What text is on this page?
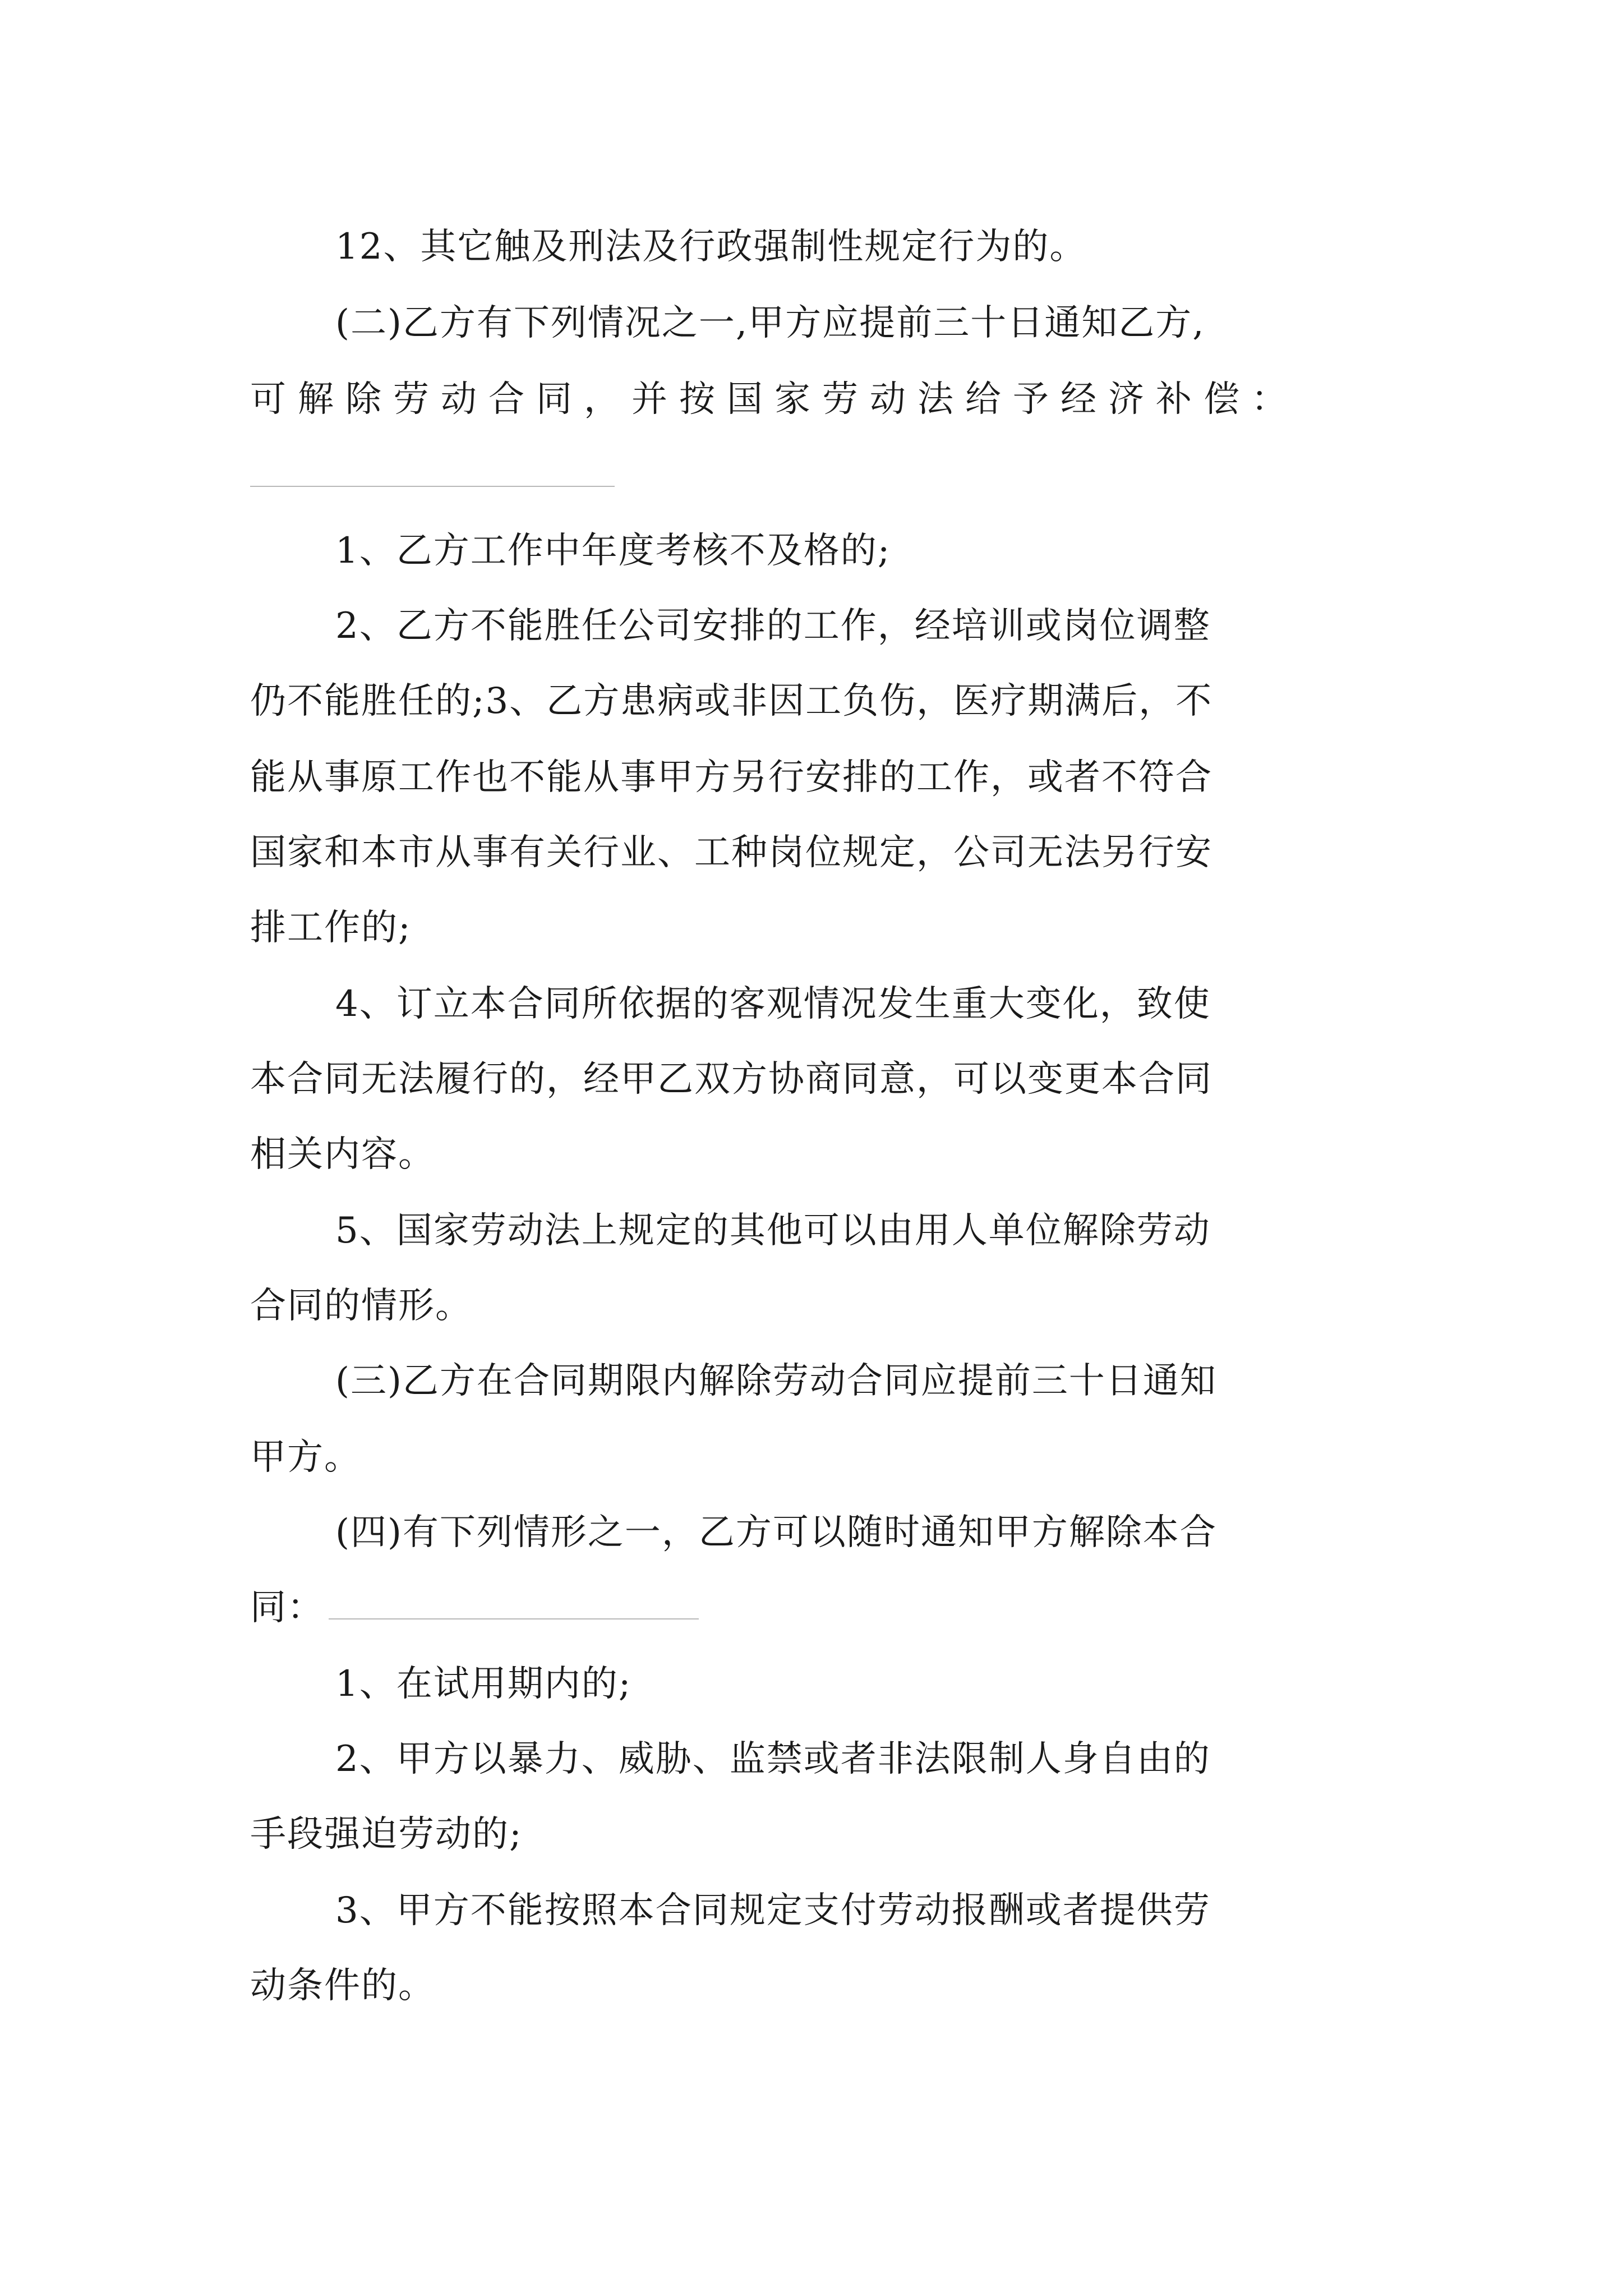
12、其它触及刑法及行政强制性规定行为的。

(二)乙方有下列情况之一,甲方应提前三十日通知乙方,

可解除劳动合同，并按国家劳动法给予经济补偿：

1、乙方工作中年度考核不及格的;

2、乙方不能胜任公司安排的工作，经培训或岗位调整

仍不能胜任的;3、乙方患病或非因工负伤，医疗期满后，不

能从事原工作也不能从事甲方另行安排的工作，或者不符合

国家和本市从事有关行业、工种岗位规定，公司无法另行安

排工作的;

4、订立本合同所依据的客观情况发生重大变化，致使

本合同无法履行的，经甲乙双方协商同意，可以变更本合同

相关内容。

5、国家劳动法上规定的其他可以由用人单位解除劳动

合同的情形。

(三)乙方在合同期限内解除劳动合同应提前三十日通知

甲方。

(四)有下列情形之一，乙方可以随时通知甲方解除本合

同：

1、在试用期内的;

2、甲方以暴力、威胁、监禁或者非法限制人身自由的

手段强迫劳动的;

3、甲方不能按照本合同规定支付劳动报酬或者提供劳

动条件的。
